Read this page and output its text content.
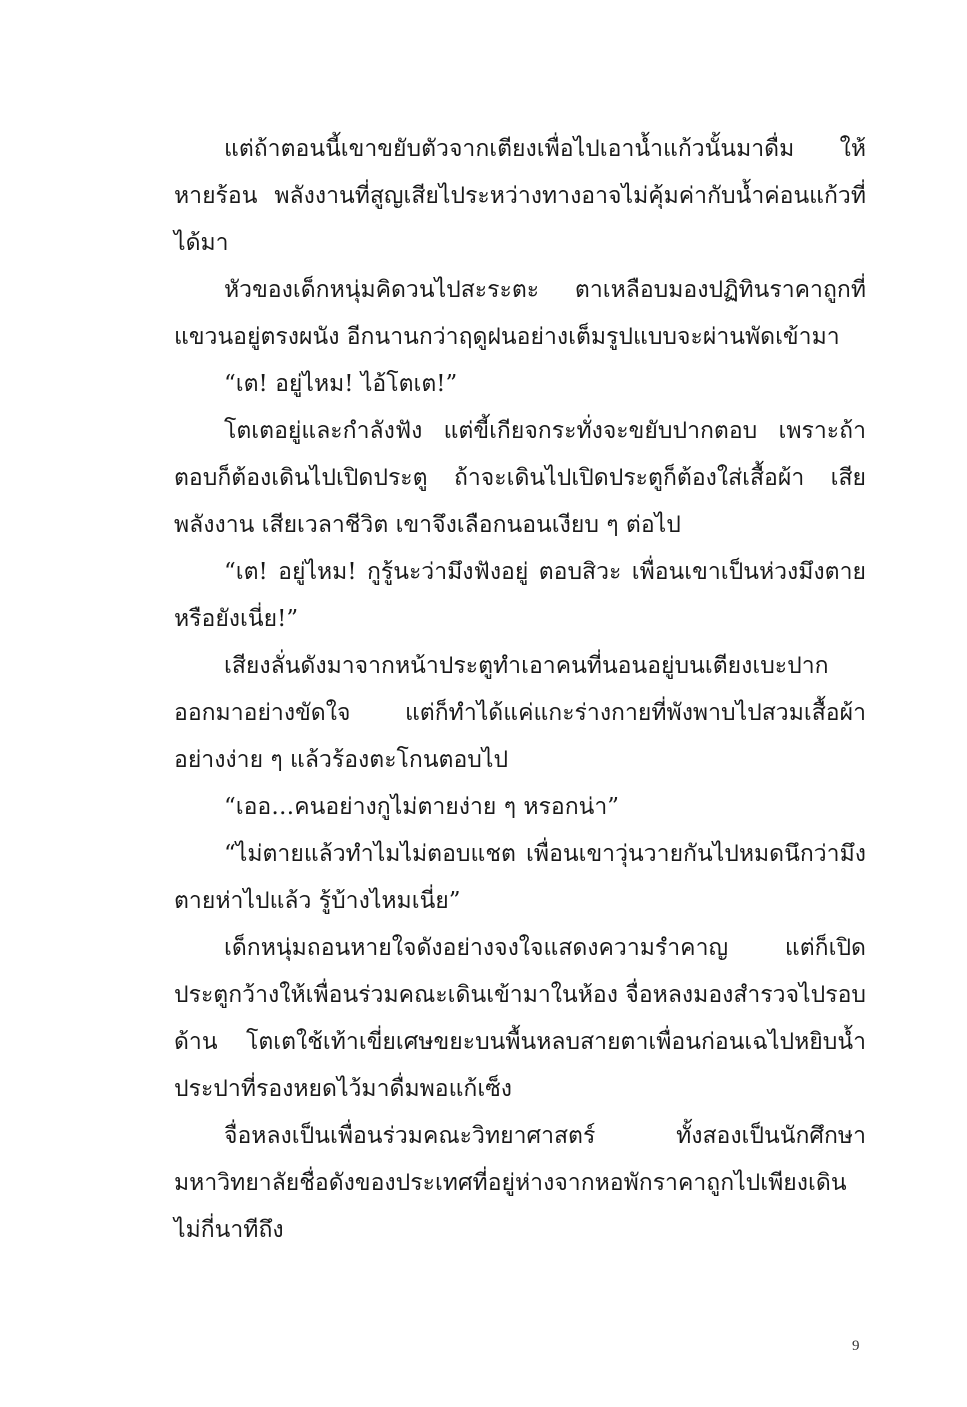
แต่ถ้าตอนนี้เขาขยับตัวจากเตียงเพื่อไปเอาน้ำแก้วนั้นมาดื่ม ให้หายร้อน พลังงานที่สูญเสียไประหว่างทางอาจไม่คุ้มค่ากับน้ำค่อนแก้วที่ได้มา

หัวของเด็กหนุ่มคิดวนไปสะระตะ ตาเหลือบมองปฏิทินราคาถูกที่แขวนอยู่ตรงผนัง อีกนานกว่าฤดูฝนอย่างเต็มรูปแบบจะผ่านพัดเข้ามา

“เต! อยู่ไหม! ไอ้โตเต!”

โตเตอยู่และกำลังฟัง แต่ขี้เกียจกระทั่งจะขยับปากตอบ เพราะถ้าตอบก็ต้องเดินไปเปิดประตู ถ้าจะเดินไปเปิดประตูก็ต้องใส่เสื้อผ้า เสียพลังงาน เสียเวลาชีวิต เขาจึงเลือกนอนเงียบ ๆ ต่อไป

“เต! อยู่ไหม! กูรู้นะว่ามึงฟังอยู่ ตอบสิวะ เพื่อนเขาเป็นห่วงมึงตายหรือยังเนี่ย!”

เสียงลั่นดังมาจากหน้าประตูทำเอาคนที่นอนอยู่บนเตียงเบะปากออกมาอย่างขัดใจ แต่ก็ทำได้แค่แกะร่างกายที่พังพาบไปสวมเสื้อผ้าอย่างง่าย ๆ แล้วร้องตะโกนตอบไป

“เออ…คนอย่างกูไม่ตายง่าย ๆ หรอกน่า”

“ไม่ตายแล้วทำไมไม่ตอบแชต เพื่อนเขาวุ่นวายกันไปหมดนึกว่ามึงตายห่าไปแล้ว รู้บ้างไหมเนี่ย”

เด็กหนุ่มถอนหายใจดังอย่างจงใจแสดงความรำคาญ แต่ก็เปิดประตูกว้างให้เพื่อนร่วมคณะเดินเข้ามาในห้อง จื่อหลงมองสำรวจไปรอบด้าน โตเตใช้เท้าเขี่ยเศษขยะบนพื้นหลบสายตาเพื่อนก่อนเฉไปหยิบน้ำประปาที่รองหยดไว้มาดื่มพอแก้เซ็ง

จื่อหลงเป็นเพื่อนร่วมคณะวิทยาศาสตร์ ทั้งสองเป็นนักศึกษามหาวิทยาลัยชื่อดังของประเทศที่อยู่ห่างจากหอพักราคาถูกไปเพียงเดินไม่กี่นาทีถึง

9
